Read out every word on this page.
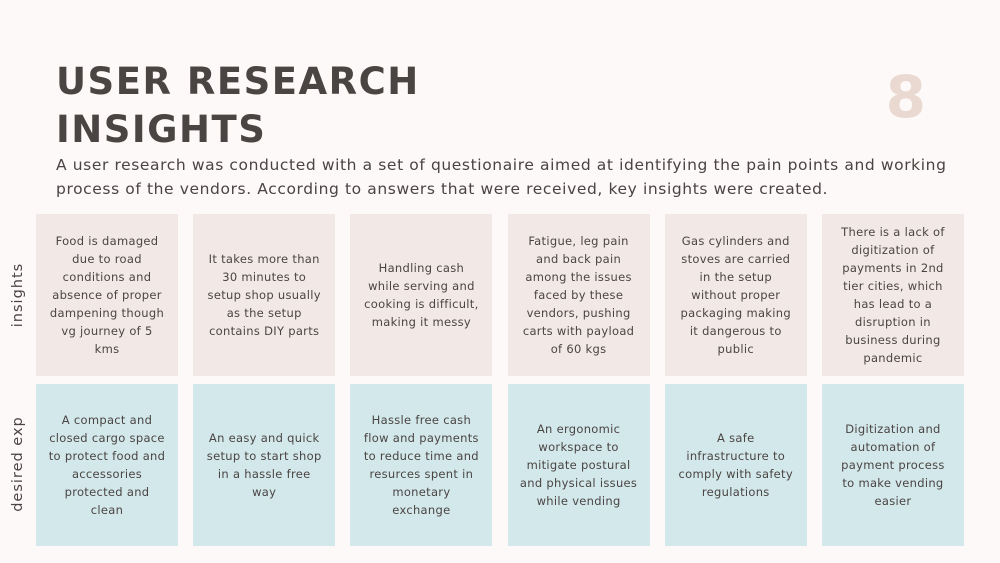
USER RESEARCH
INSIGHTS	8

A user research was conducted with a set of questionaire aimed at identifying the pain points and working process of the vendors. According to answers that were received, key insights were created.

insights
desired exp
Food is damaged due to road conditions and absence of proper dampening though vg journey of 5 kms
It takes more than 30 minutes to setup shop usually as the setup contains DIY parts
Handling cash while serving and cooking is difficult, making it messy
Fatigue, leg pain and back pain among the issues faced by these vendors, pushing carts with payload of 60 kgs
Gas cylinders and stoves are carried in the setup without proper packaging making it dangerous to public
There is a lack of digitization of payments in 2nd tier cities, which has lead to a disruption in business during pandemic
A compact and closed cargo space to protect food and accessories protected and clean
An easy and quick setup to start shop in a hassle free way
Hassle free cash flow and payments to reduce time and resurces spent in monetary exchange
An ergonomic workspace to mitigate postural and physical issues while vending
A safe infrastructure to comply with safety regulations
Digitization and automation of payment process to make vending easier
